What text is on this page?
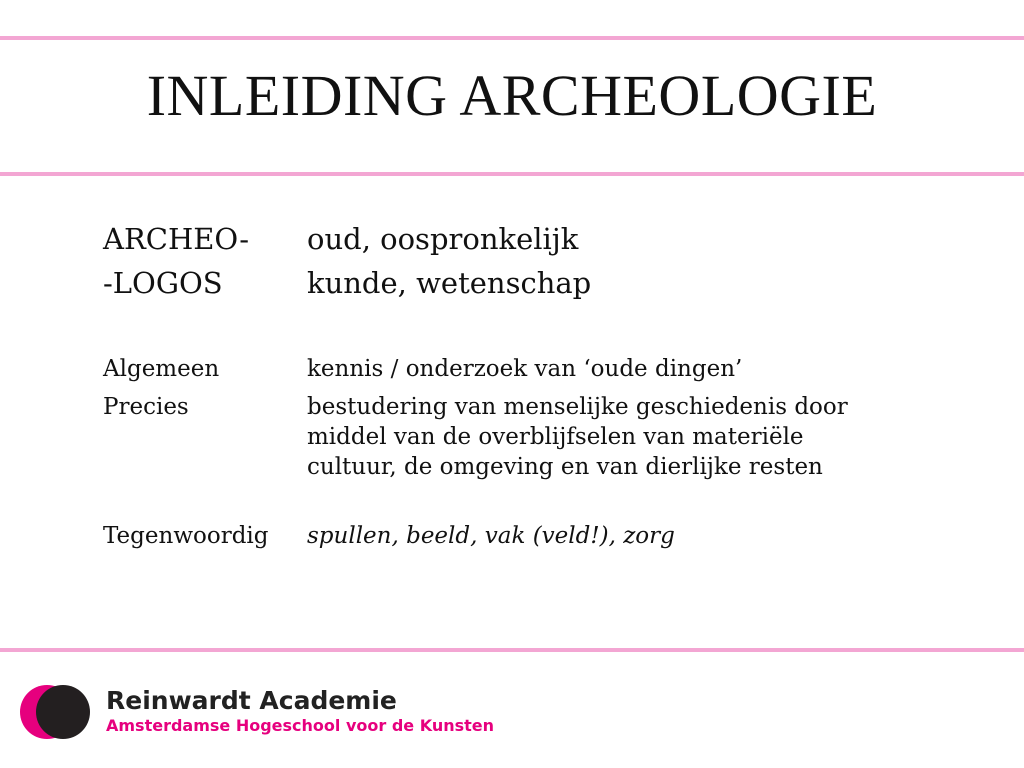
INLEIDING ARCHEOLOGIE
ARCHEO- oud, oospronkelijk
-LOGOS	kunde, wetenschap
Algemeen	kennis / onderzoek van ‘oude dingen’
Precies	bestudering van menselijke geschiedenis door
middel van de overblijfselen van materiële
cultuur, de omgeving en van dierlijke resten
Tegenwoordig spullen, beeld, vak (veld!), zorg
Reinwardt Academie
Amsterdamse Hogeschool voor de Kunsten
